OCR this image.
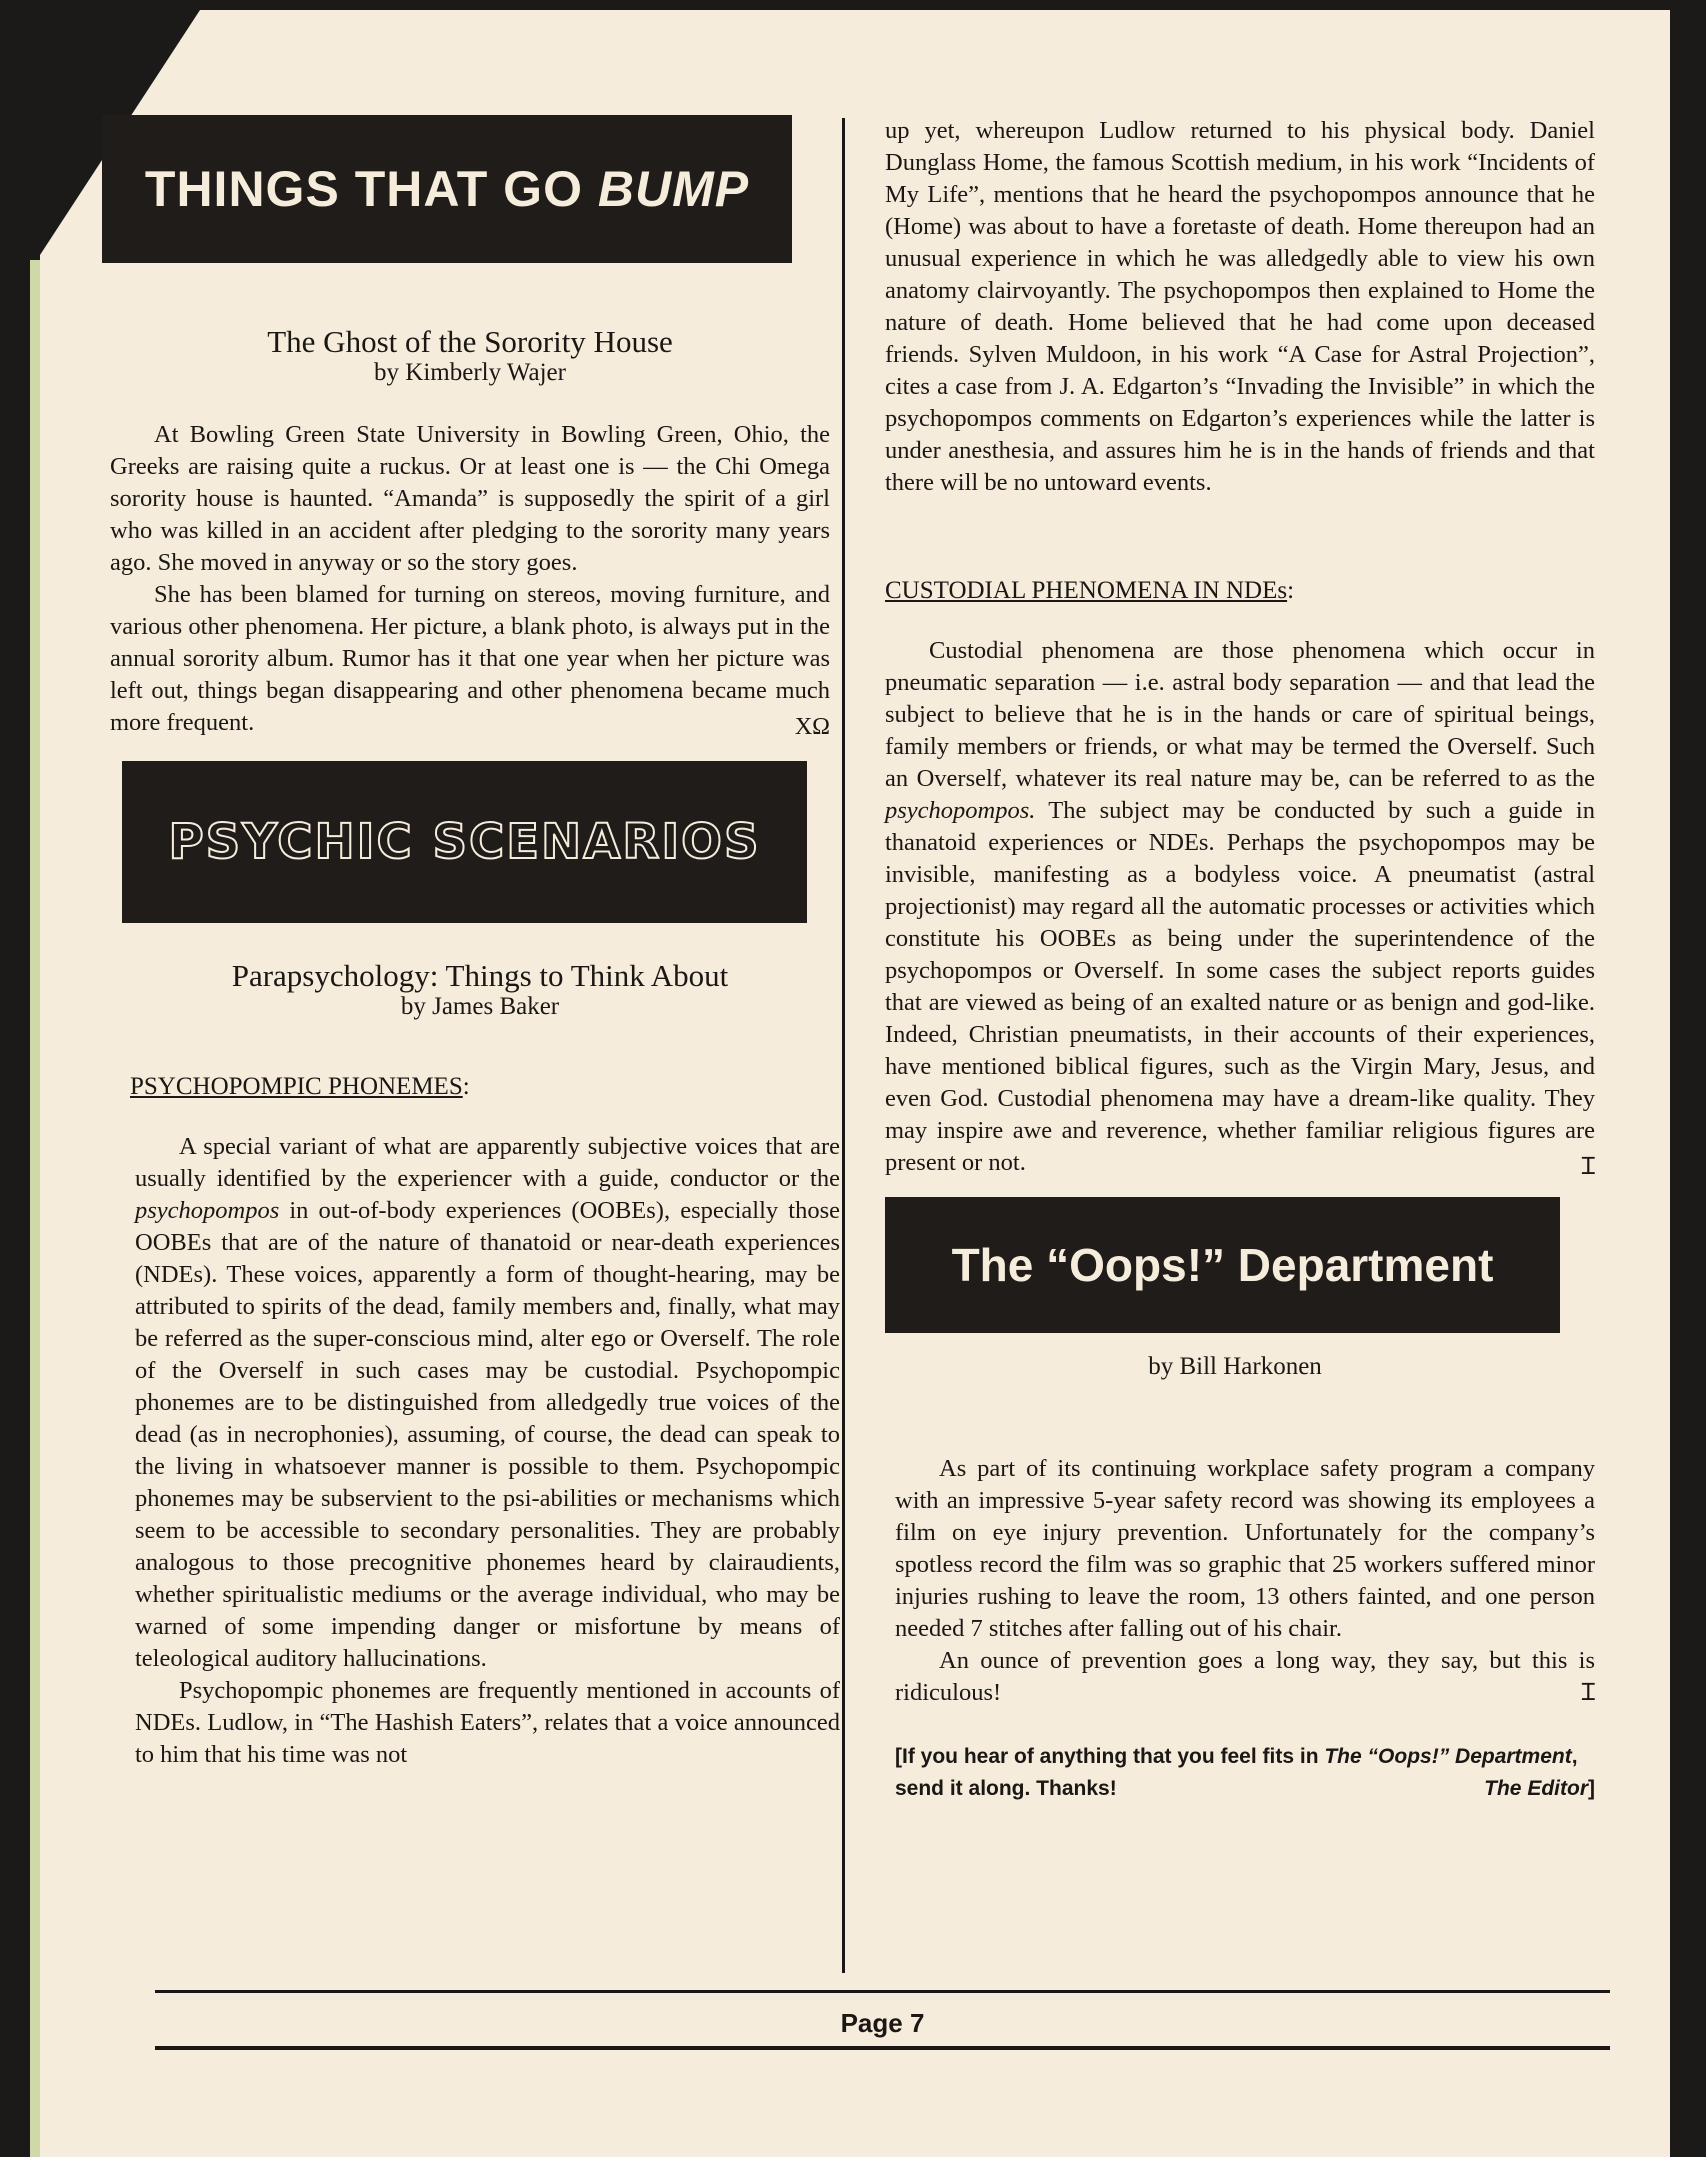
THINGS THAT GO
BUMP
The Ghost of the Sorority House
by Kimberly Wajer

At Bowling Green State University in Bowling Green, Ohio, the Greeks are raising quite a ruckus. Or at least one is — the Chi Omega sorority house is haunted. “Amanda” is supposedly the spirit of a girl who was killed in an accident after pledging to the sorority many years ago. She moved in anyway or so the story goes.

She has been blamed for turning on stereos, moving furniture, and various other phenomena. Her picture, a blank photo, is always put in the annual sorority album. Rumor has it that one year when her picture was left out, things began disappearing and other phenomena became much more frequent.	XΩ
PSYCHIC SCENARIOS
Parapsychology: Things to Think About
by James Baker

PSYCHOPOMPIC PHONEMES:

A special variant of what are apparently subjective voices that are usually identified by the experiencer with a guide, conductor or the psychopompos in out-of-body experiences (OOBEs), especially those OOBEs that are of the nature of thanatoid or near-death experiences (NDEs). These voices, apparently a form of thought-hearing, may be attributed to spirits of the dead, family members and, finally, what may be referred as the super-conscious mind, alter ego or Overself. The role of the Overself in such cases may be custodial. Psychopompic phonemes are to be distinguished from alledgedly true voices of the dead (as in necrophonies), assuming, of course, the dead can speak to the living in whatsoever manner is possible to them. Psychopompic phonemes may be subservient to the psi-abilities or mechanisms which seem to be accessible to secondary personalities. They are probably analogous to those precognitive phonemes heard by clairaudients, whether spiritualistic mediums or the average individual, who may be warned of some impending danger or misfortune by means of teleological auditory hallucinations.

Psychopompic phonemes are frequently mentioned in accounts of NDEs. Ludlow, in “The Hashish Eaters”, relates that a voice announced to him that his time was not

up yet, whereupon Ludlow returned to his physical body. Daniel Dunglass Home, the famous Scottish medium, in his work “Incidents of My Life”, mentions that he heard the psychopompos announce that he (Home) was about to have a foretaste of death. Home thereupon had an unusual experience in which he was alledgedly able to view his own anatomy clairvoyantly. The psychopompos then explained to Home the nature of death. Home believed that he had come upon deceased friends. Sylven Muldoon, in his work “A Case for Astral Projection”, cites a case from J. A. Edgarton’s “Invading the Invisible” in which the psychopompos comments on Edgarton’s experiences while the latter is under anesthesia, and assures him he is in the hands of friends and that there will be no untoward events.

CUSTODIAL PHENOMENA IN NDEs:

Custodial phenomena are those phenomena which occur in pneumatic separation — i.e. astral body separation — and that lead the subject to believe that he is in the hands or care of spiritual beings, family members or friends, or what may be termed the Overself. Such an Overself, whatever its real nature may be, can be referred to as the psychopompos. The subject may be conducted by such a guide in thanatoid experiences or NDEs. Perhaps the psychopompos may be invisible, manifesting as a bodyless voice. A pneumatist (astral projectionist) may regard all the automatic processes or activities which constitute his OOBEs as being under the superintendence of the psychopompos or Overself. In some cases the subject reports guides that are viewed as being of an exalted nature or as benign and god-like. Indeed, Christian pneumatists, in their accounts of their experiences, have mentioned biblical figures, such as the Virgin Mary, Jesus, and even God. Custodial phenomena may have a dream-like quality. They may inspire awe and reverence, whether familiar religious figures are present or not.	Ɪ
The “Oops!” Department
by Bill Harkonen

As part of its continuing workplace safety program a company with an impressive 5-year safety record was showing its employees a film on eye injury prevention. Unfortunately for the company’s spotless record the film was so graphic that 25 workers suffered minor injuries rushing to leave the room, 13 others fainted, and one person needed 7 stitches after falling out of his chair.

An ounce of prevention goes a long way, they say, but this is ridiculous!	Ɪ
[If you hear of anything that you feel fits in The “Oops!” Department, send it along. Thanks!	The Editor]
Page 7
